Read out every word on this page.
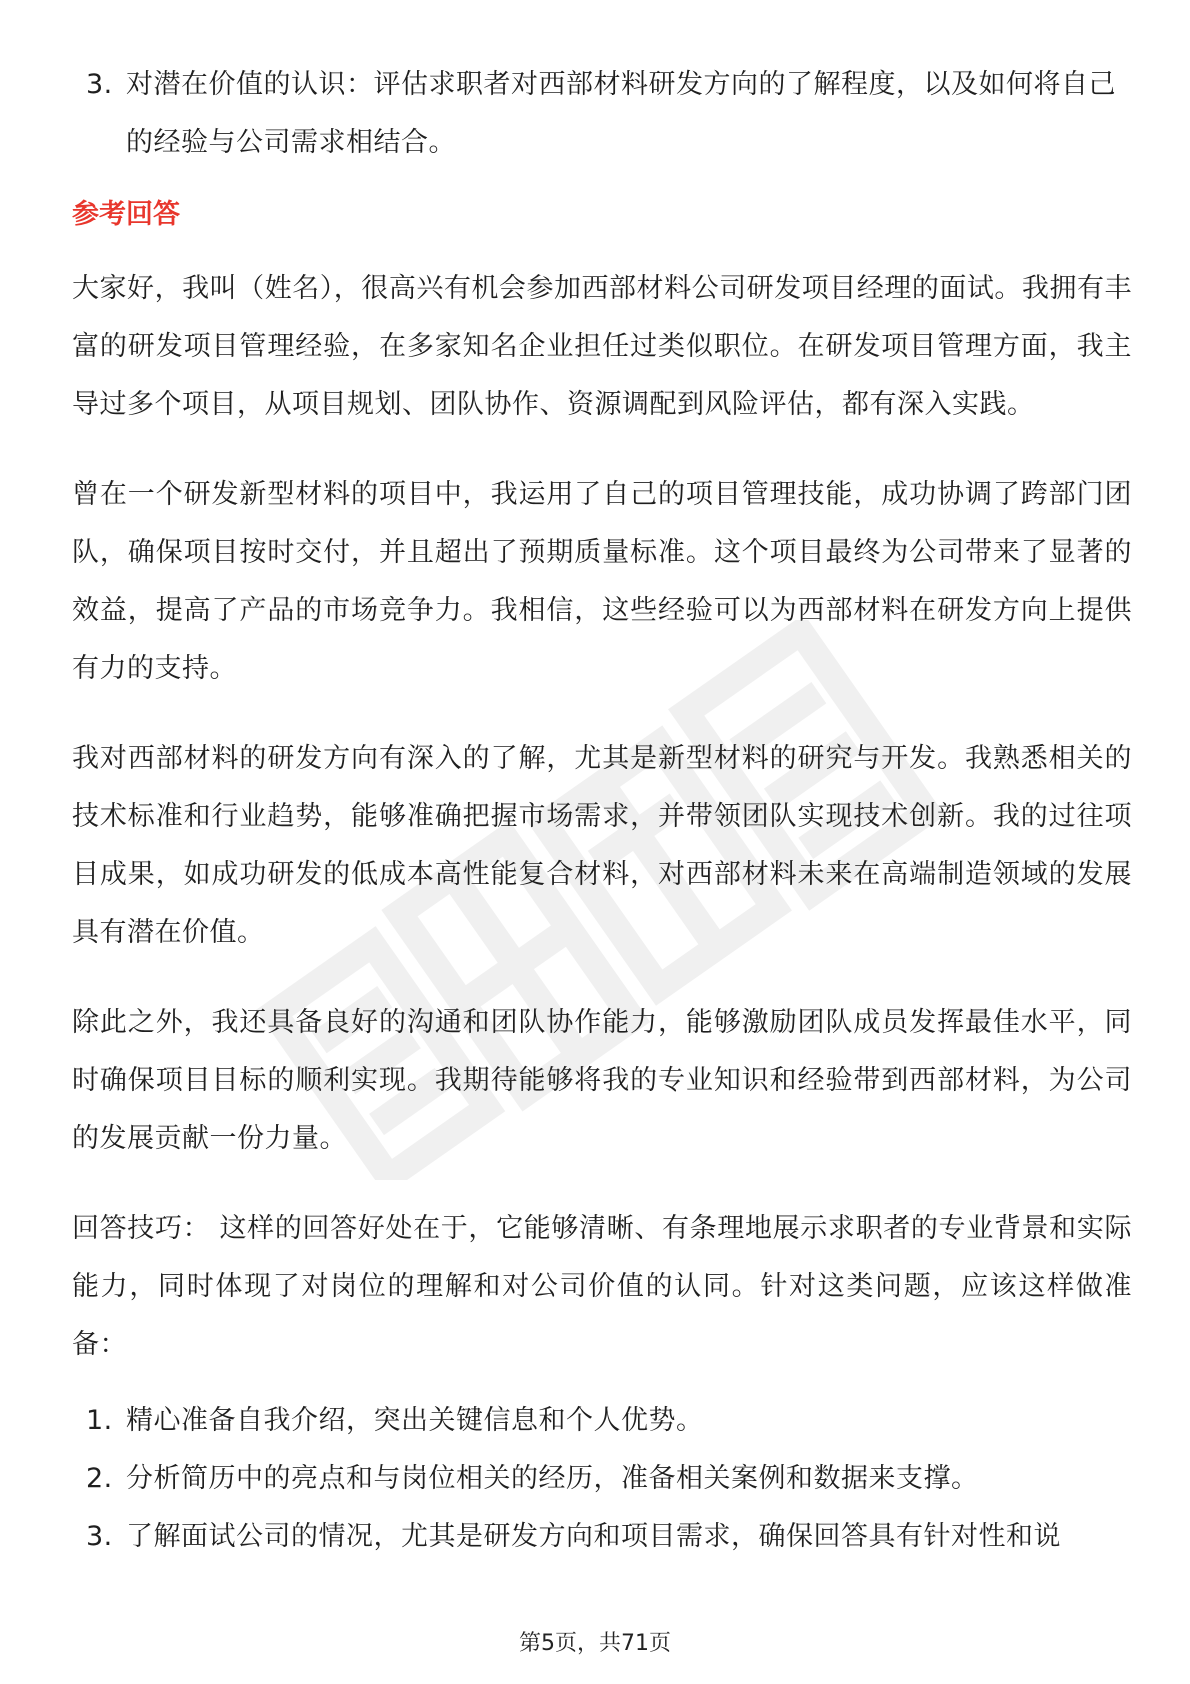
3. 对潜在价值的认识：评估求职者对西部材料研发方向的了解程度，以及如何将自己的经验与公司需求相结合。
参考回答

大家好，我叫（姓名），很高兴有机会参加西部材料公司研发项目经理的面试。我拥有丰富的研发项目管理经验，在多家知名企业担任过类似职位。在研发项目管理方面，我主导过多个项目，从项目规划、团队协作、资源调配到风险评估，都有深入实践。

曾在一个研发新型材料的项目中，我运用了自己的项目管理技能，成功协调了跨部门团队，确保项目按时交付，并且超出了预期质量标准。这个项目最终为公司带来了显著的效益，提高了产品的市场竞争力。我相信，这些经验可以为西部材料在研发方向上提供有力的支持。

我对西部材料的研发方向有深入的了解，尤其是新型材料的研究与开发。我熟悉相关的技术标准和行业趋势，能够准确把握市场需求，并带领团队实现技术创新。我的过往项目成果，如成功研发的低成本高性能复合材料，对西部材料未来在高端制造领域的发展具有潜在价值。

除此之外，我还具备良好的沟通和团队协作能力，能够激励团队成员发挥最佳水平，同时确保项目目标的顺利实现。我期待能够将我的专业知识和经验带到西部材料，为公司的发展贡献一份力量。

回答技巧： 这样的回答好处在于，它能够清晰、有条理地展示求职者的专业背景和实际能力，同时体现了对岗位的理解和对公司价值的认同。针对这类问题，应该这样做准备：

1. 精心准备自我介绍，突出关键信息和个人优势。
2. 分析简历中的亮点和与岗位相关的经历，准备相关案例和数据来支撑。
3. 了解面试公司的情况，尤其是研发方向和项目需求，确保回答具有针对性和说
第5页，共71页
